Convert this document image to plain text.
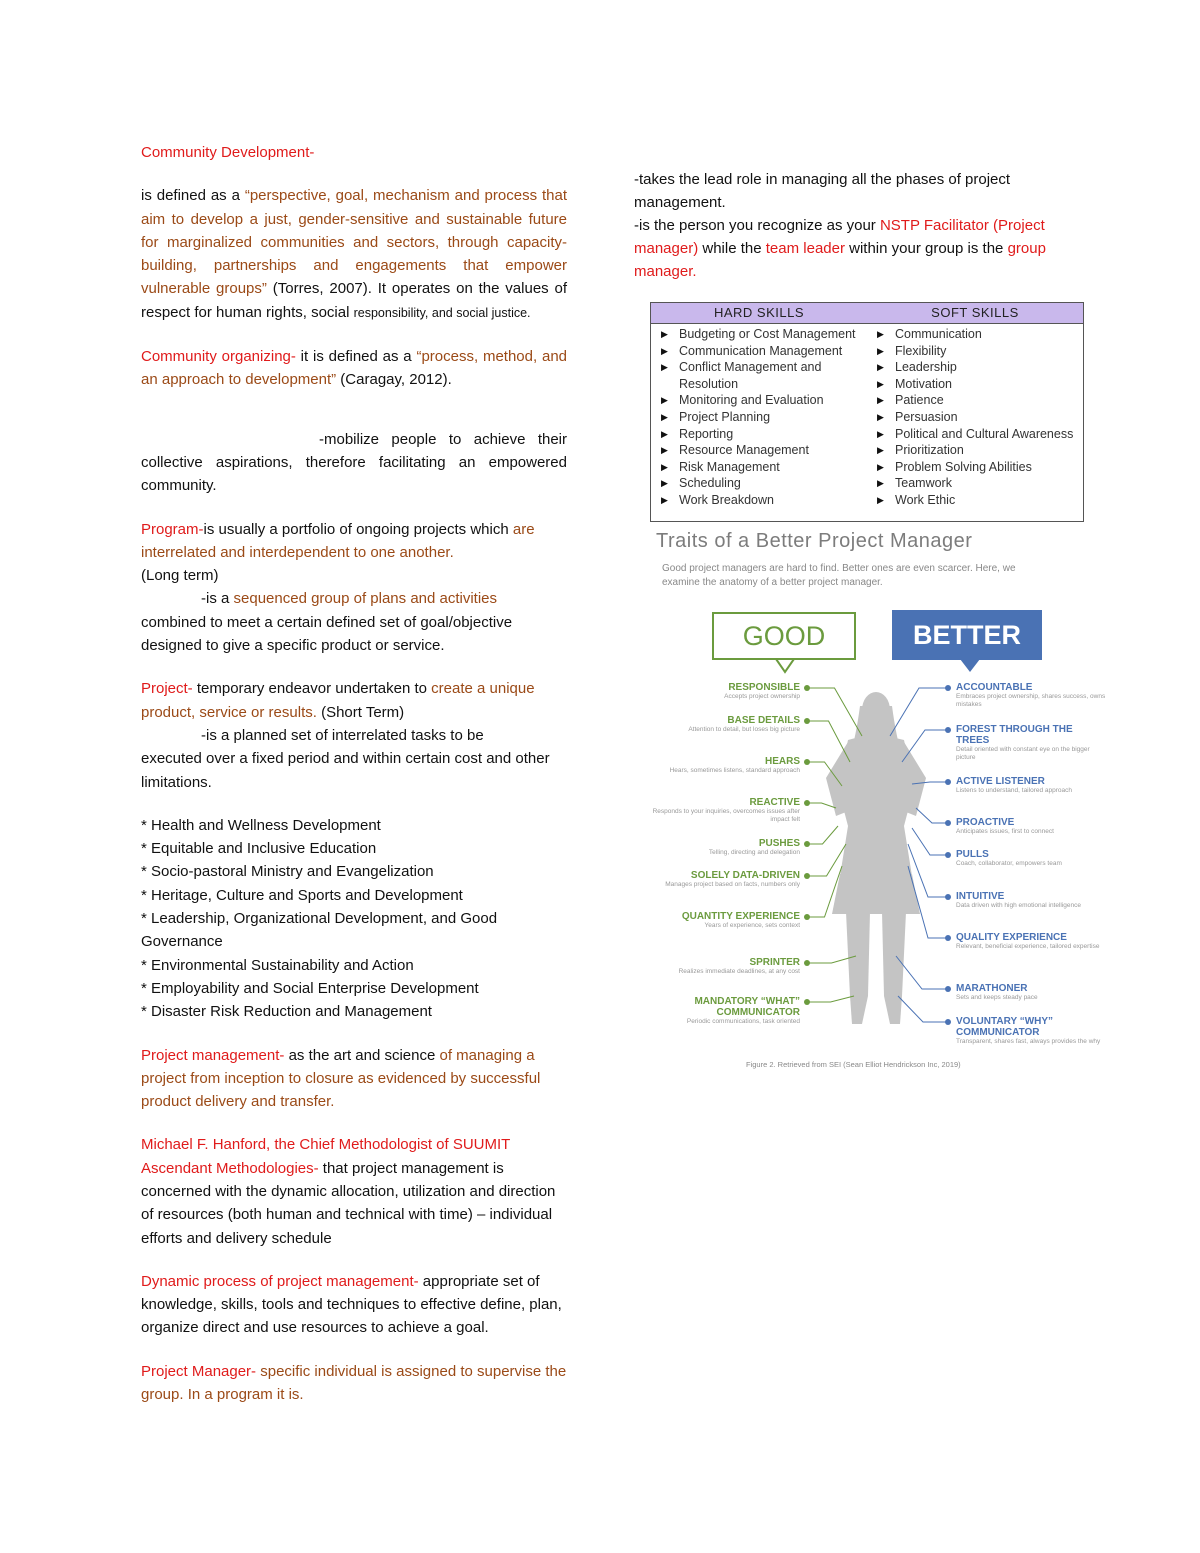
Community Development-

is defined as a “perspective, goal, mechanism and process that aim to develop a just, gender-sensitive and sustainable future for marginalized communities and sectors, through capacity-building, partnerships and engagements that empower vulnerable groups” (Torres, 2007). It operates on the values of respect for human rights, social responsibility, and social justice.

Community organizing- it is defined as a “process, method, and an approach to development” (Caragay, 2012).

-mobilize people to achieve their collective aspirations, therefore facilitating an empowered community.

Program-is usually a portfolio of ongoing projects which are interrelated and interdependent to one another.

(Long term)

-is a sequenced group of plans and activities

combined to meet a certain defined set of goal/objective designed to give a specific product or service.

Project- temporary endeavor undertaken to create a unique product, service or results. (Short Term)

-is a planned set of interrelated tasks to be

executed over a fixed period and within certain cost and other limitations.

* Health and Wellness Development

* Equitable and Inclusive Education

* Socio-pastoral Ministry and Evangelization

* Heritage, Culture and Sports and Development

* Leadership, Organizational Development, and Good Governance

* Environmental Sustainability and Action

* Employability and Social Enterprise Development

* Disaster Risk Reduction and Management

Project management- as the art and science of managing a project from inception to closure as evidenced by successful product delivery and transfer.

Michael F. Hanford, the Chief Methodologist of SUUMIT Ascendant Methodologies- that project management is concerned with the dynamic allocation, utilization and direction of resources (both human and technical with time) – individual efforts and delivery schedule

Dynamic process of project management- appropriate set of knowledge, skills, tools and techniques to effective define, plan, organize direct and use resources to achieve a goal.

Project Manager- specific individual is assigned to supervise the group. In a program it is.

-takes the lead role in managing all the phases of project management.

-is the person you recognize as your NSTP Facilitator (Project manager) while the team leader within your group is the group manager.

HARD SKILLS	SOFT SKILLS
▶ Budgeting or Cost Management
▶ Communication Management
▶ Conflict Management and Resolution
▶ Monitoring and Evaluation
▶ Project Planning
▶ Reporting
▶ Resource Management
▶ Risk Management
▶ Scheduling
▶ Work Breakdown
▶ Communication
▶ Flexibility
▶ Leadership
▶ Motivation
▶ Patience
▶ Persuasion
▶ Political and Cultural Awareness
▶ Prioritization
▶ Problem Solving Abilities
▶ Teamwork
▶ Work Ethic
Traits of a Better Project Manager
Good project managers are hard to find. Better ones are even scarcer. Here, we examine the anatomy of a better project manager.
GOOD	BETTER
RESPONSIBLE
Accepts project ownership
BASE DETAILS
Attention to detail, but loses big picture
HEARS
Hears, sometimes listens, standard approach
REACTIVE
Responds to your inquiries, overcomes issues after impact felt
PUSHES
Telling, directing and delegation
SOLELY DATA-DRIVEN
Manages project based on facts, numbers only
QUANTITY EXPERIENCE
Years of experience, sets context
SPRINTER
Realizes immediate deadlines, at any cost
MANDATORY “WHAT” COMMUNICATOR
Periodic communications, task oriented
ACCOUNTABLE
Embraces project ownership, shares success, owns mistakes
FOREST THROUGH THE TREES
Detail oriented with constant eye on the bigger picture
ACTIVE LISTENER
Listens to understand, tailored approach
PROACTIVE
Anticipates issues, first to connect
PULLS
Coach, collaborator, empowers team
INTUITIVE
Data driven with high emotional intelligence
QUALITY EXPERIENCE
Relevant, beneficial experience, tailored expertise
MARATHONER
Sets and keeps steady pace
VOLUNTARY “WHY” COMMUNICATOR
Transparent, shares fast, always provides the why
Figure 2. Retrieved from SEI (Sean Elliot Hendrickson Inc, 2019)
